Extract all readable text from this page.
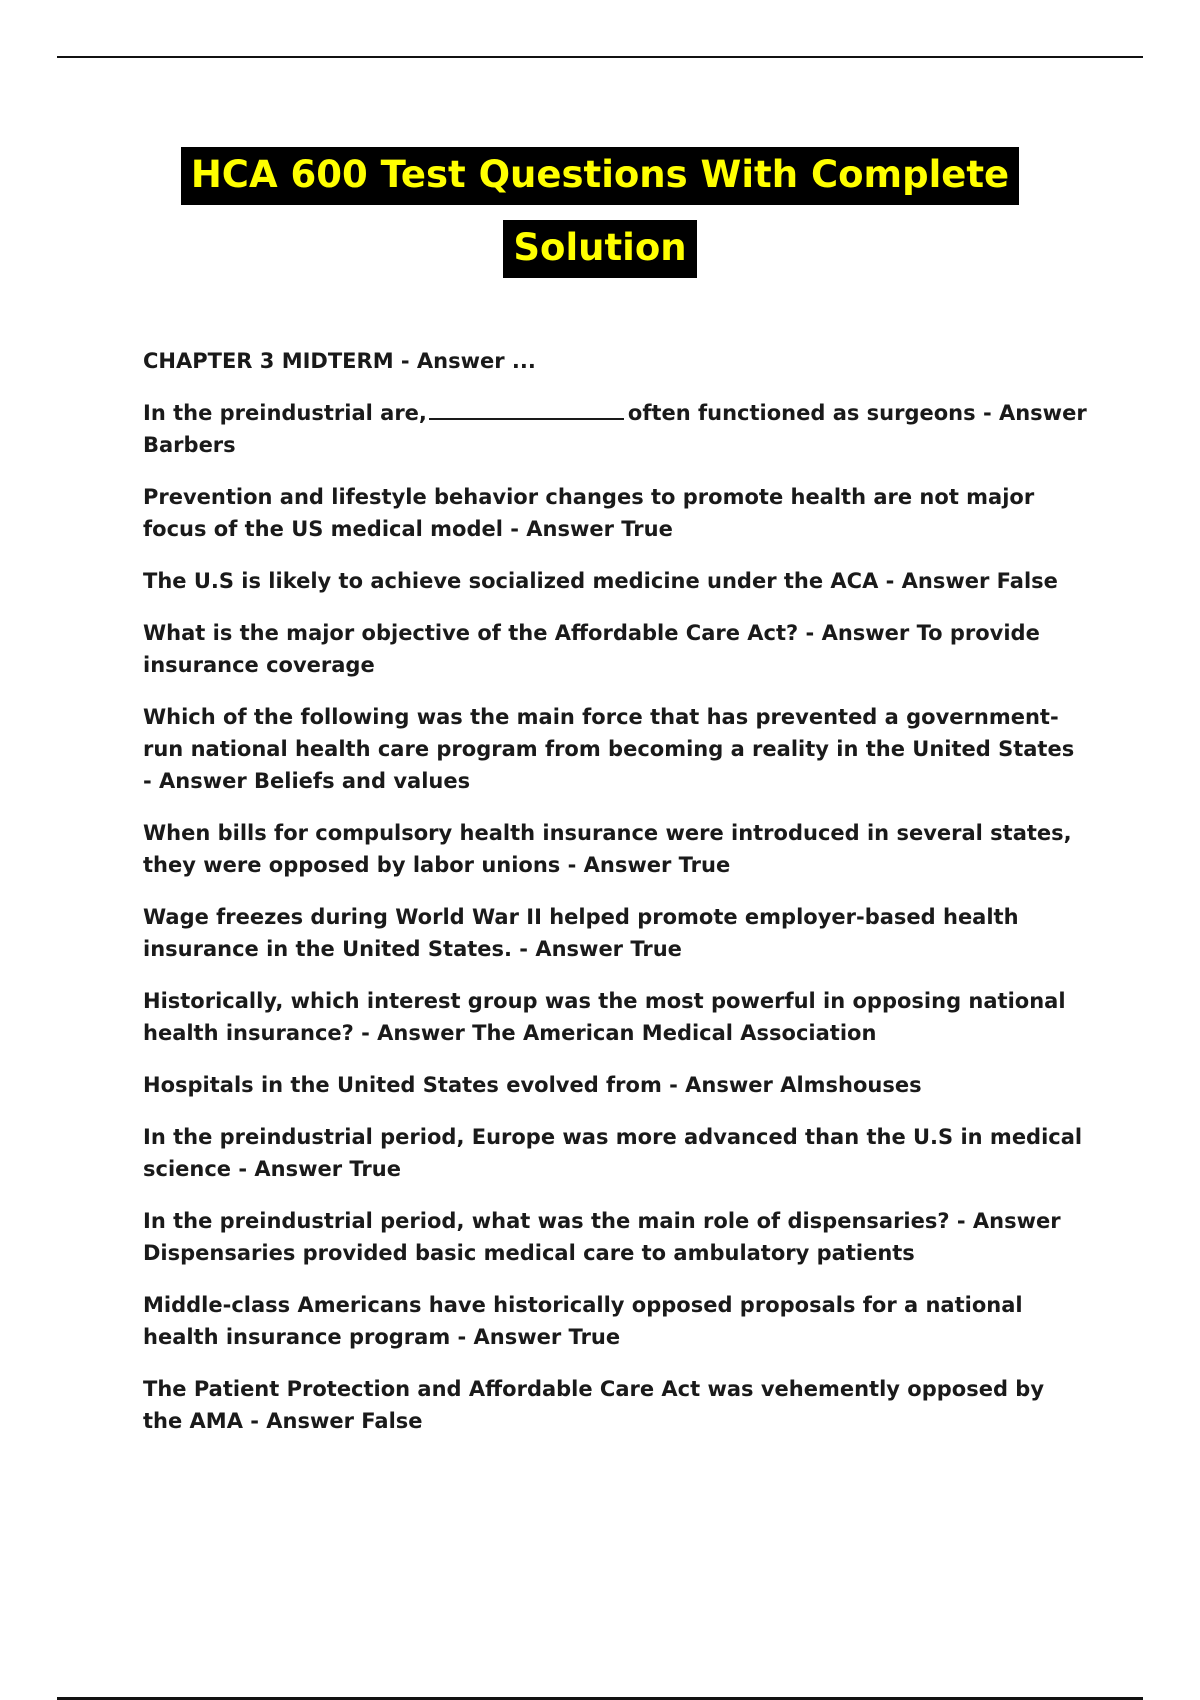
HCA 600 Test Questions With Complete
Solution

CHAPTER 3 MIDTERM - Answer ...

In the preindustrial are,	often functioned as surgeons - Answer Barbers

Prevention and lifestyle behavior changes to promote health are not major focus of the US medical model - Answer True

The U.S is likely to achieve socialized medicine under the ACA - Answer False

What is the major objective of the Affordable Care Act? - Answer To provide insurance coverage

Which of the following was the main force that has prevented a government-run national health care program from becoming a reality in the United States - Answer Beliefs and values

When bills for compulsory health insurance were introduced in several states, they were opposed by labor unions - Answer True

Wage freezes during World War II helped promote employer-based health insurance in the United States. - Answer True

Historically, which interest group was the most powerful in opposing national health insurance? - Answer The American Medical Association

Hospitals in the United States evolved from - Answer Almshouses

In the preindustrial period, Europe was more advanced than the U.S in medical science - Answer True

In the preindustrial period, what was the main role of dispensaries? - Answer Dispensaries provided basic medical care to ambulatory patients

Middle-class Americans have historically opposed proposals for a national health insurance program - Answer True

The Patient Protection and Affordable Care Act was vehemently opposed by the AMA - Answer False
